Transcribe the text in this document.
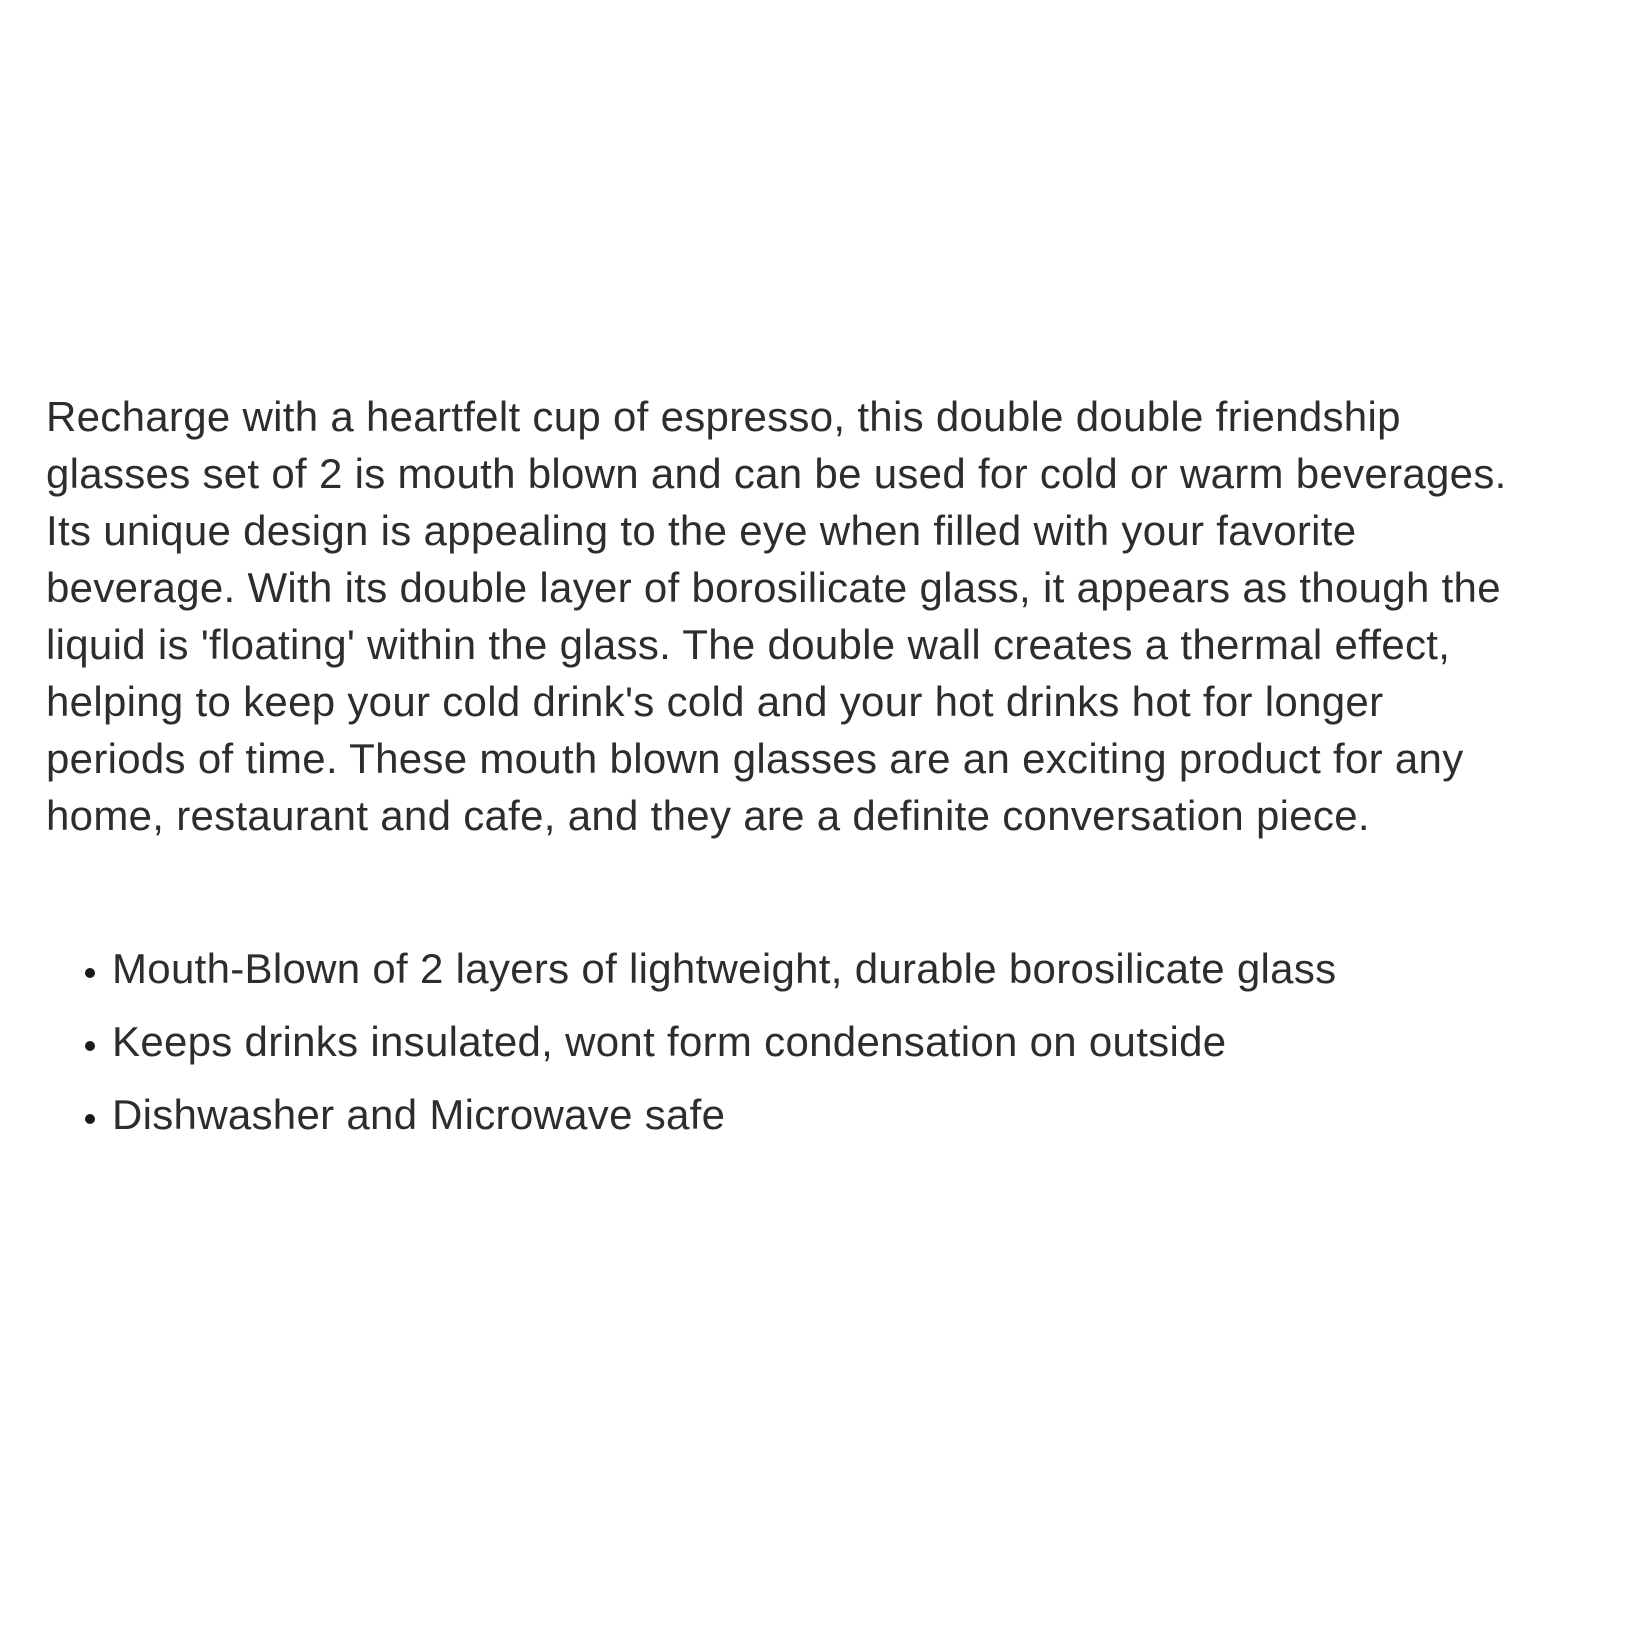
Recharge with a heartfelt cup of espresso, this double double friendship glasses set of 2 is mouth blown and can be used for cold or warm beverages. Its unique design is appealing to the eye when filled with your favorite beverage. With its double layer of borosilicate glass, it appears as though the liquid is 'floating' within the glass. The double wall creates a thermal effect, helping to keep your cold drink's cold and your hot drinks hot for longer periods of time. These mouth blown glasses are an exciting product for any home, restaurant and cafe, and they are a definite conversation piece.

• Mouth-Blown of 2 layers of lightweight, durable borosilicate glass
• Keeps drinks insulated, wont form condensation on outside
• Dishwasher and Microwave safe
